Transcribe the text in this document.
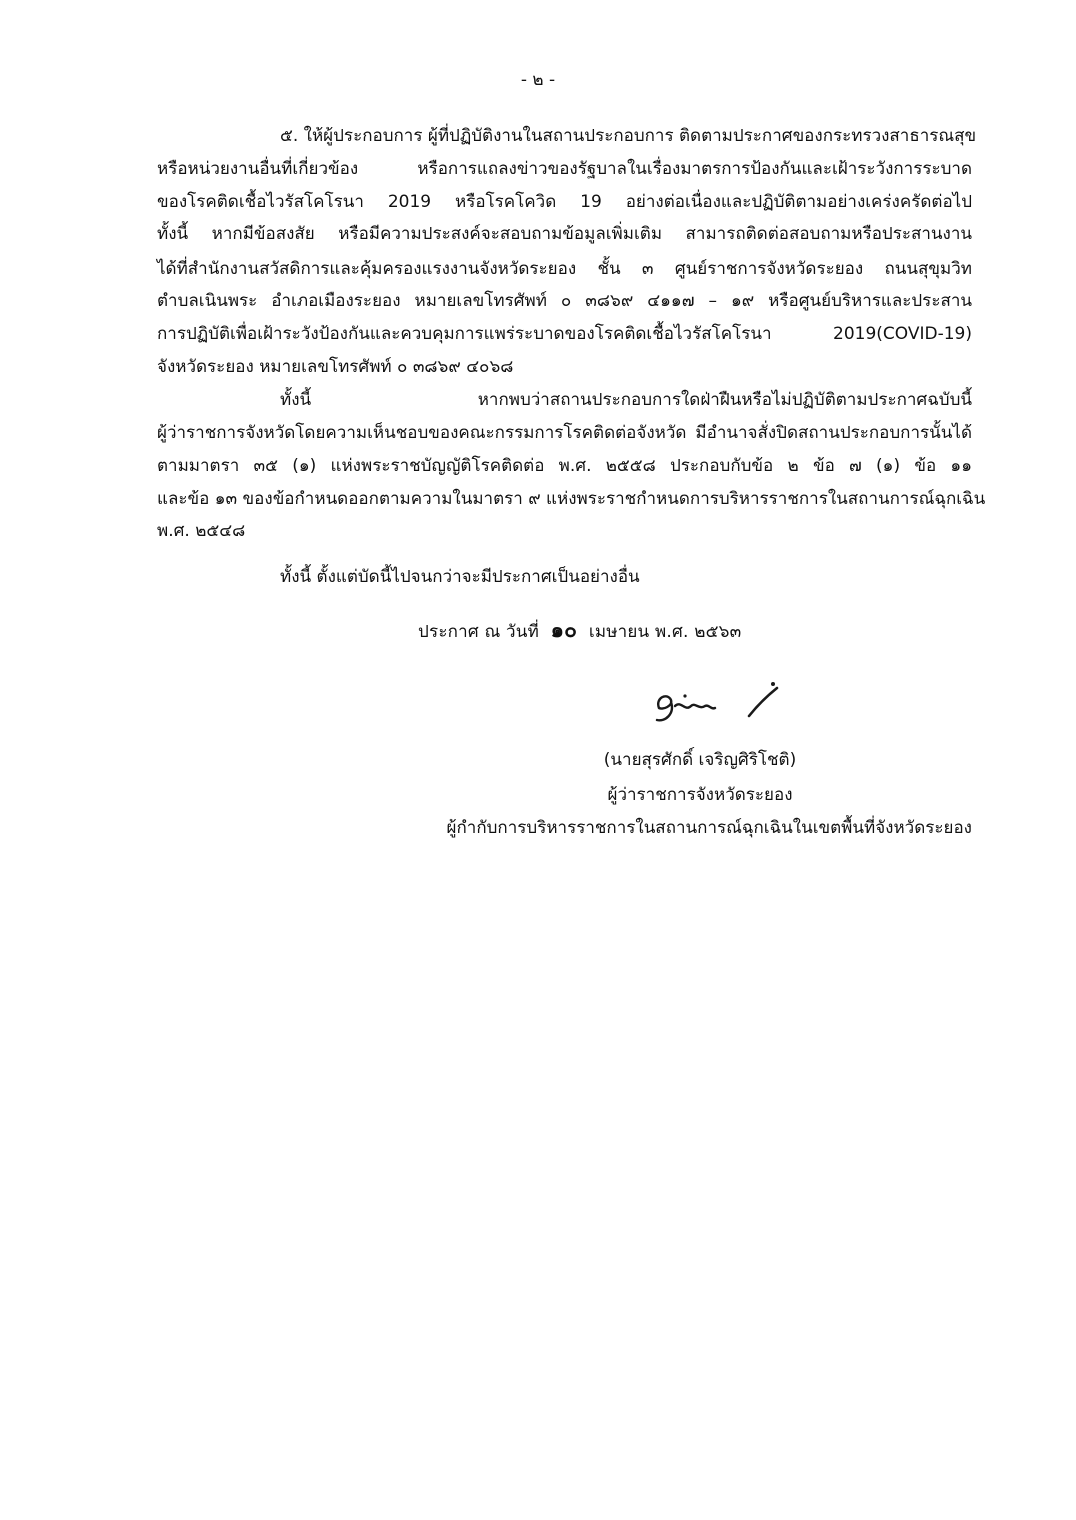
- ๒ -

๕. ให้ผู้ประกอบการ ผู้ที่ปฏิบัติงานในสถานประกอบการ ติดตามประกาศของกระทรวงสาธารณสุข

หรือหน่วยงานอื่นที่เกี่ยวข้อง หรือการแถลงข่าวของรัฐบาลในเรื่องมาตรการป้องกันและเฝ้าระวังการระบาด

ของโรคติดเชื้อไวรัสโคโรนา 2019 หรือโรคโควิด 19 อย่างต่อเนื่องและปฏิบัติตามอย่างเคร่งครัดต่อไป

ทั้งนี้ หากมีข้อสงสัย หรือมีความประสงค์จะสอบถามข้อมูลเพิ่มเติม สามารถติดต่อสอบถามหรือประสานงาน

ได้ที่สำนักงานสวัสดิการและคุ้มครองแรงงานจังหวัดระยอง ชั้น ๓ ศูนย์ราชการจังหวัดระยอง ถนนสุขุมวิท

ตำบลเนินพระ อำเภอเมืองระยอง หมายเลขโทรศัพท์ ๐ ๓๘๖๙ ๔๑๑๗ – ๑๙ หรือศูนย์บริหารและประสาน

การปฏิบัติเพื่อเฝ้าระวังป้องกันและควบคุมการแพร่ระบาดของโรคติดเชื้อไวรัสโคโรนา 2019(COVID-19)

จังหวัดระยอง หมายเลขโทรศัพท์ ๐ ๓๘๖๙ ๔๐๖๘

ทั้งนี้ หากพบว่าสถานประกอบการใดฝ่าฝืนหรือไม่ปฏิบัติตามประกาศฉบับนี้

ผู้ว่าราชการจังหวัดโดยความเห็นชอบของคณะกรรมการโรคติดต่อจังหวัด มีอำนาจสั่งปิดสถานประกอบการนั้นได้

ตามมาตรา ๓๕ (๑) แห่งพระราชบัญญัติโรคติดต่อ พ.ศ. ๒๕๕๘ ประกอบกับข้อ ๒ ข้อ ๗ (๑) ข้อ ๑๑

และข้อ ๑๓ ของข้อกำหนดออกตามความในมาตรา ๙ แห่งพระราชกำหนดการบริหารราชการในสถานการณ์ฉุกเฉิน

พ.ศ. ๒๕๔๘

ทั้งนี้ ตั้งแต่บัดนี้ไปจนกว่าจะมีประกาศเป็นอย่างอื่น

ประกาศ ณ วันที่ ๑๐ เมษายน พ.ศ. ๒๕๖๓

(นายสุรศักดิ์ เจริญศิริโชติ)
ผู้ว่าราชการจังหวัดระยอง
ผู้กำกับการบริหารราชการในสถานการณ์ฉุกเฉินในเขตพื้นที่จังหวัดระยอง
